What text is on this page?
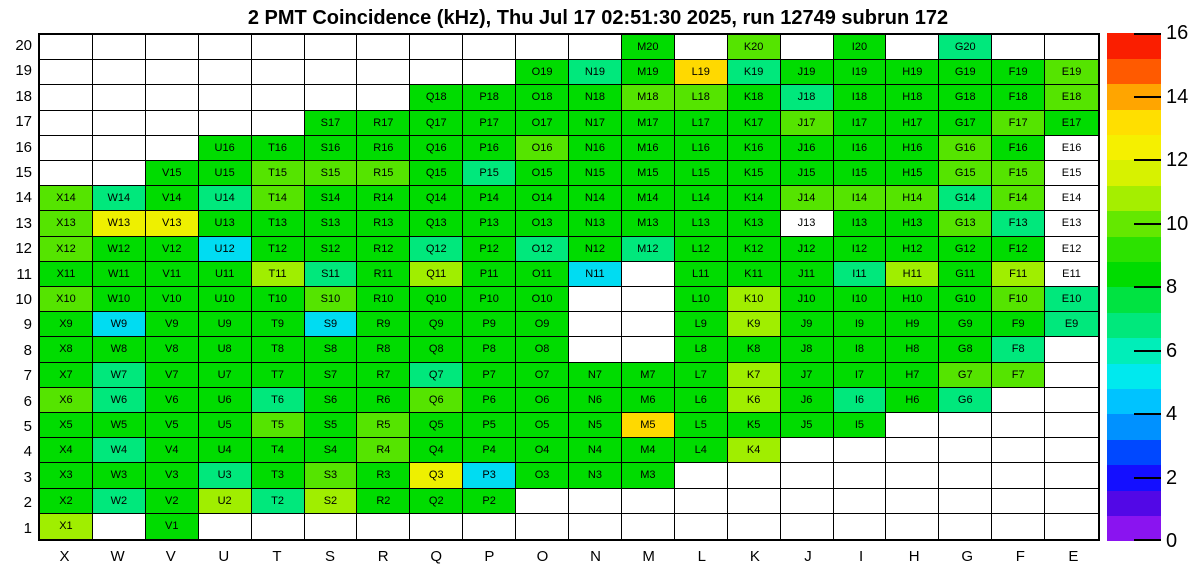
2 PMT Coincidence (kHz), Thu Jul 17 02:51:30 2025, run 12749 subrun 172
M20	K20	I20	G20
O19	N19	M19	L19	K19	J19	I19	H19	G19	F19	E19
Q18	P18	O18	N18	M18	L18	K18	J18	I18	H18	G18	F18	E18
S17	R17	Q17	P17	O17	N17	M17	L17	K17	J17	I17	H17	G17	F17	E17
U16	T16	S16	R16	Q16	P16	O16	N16	M16	L16	K16	J16	I16	H16	G16	F16	E16
V15	U15	T15	S15	R15	Q15	P15	O15	N15	M15	L15	K15	J15	I15	H15	G15	F15	E15
X14	W14	V14	U14	T14	S14	R14	Q14	P14	O14	N14	M14	L14	K14	J14	I14	H14	G14	F14	E14
X13	W13	V13	U13	T13	S13	R13	Q13	P13	O13	N13	M13	L13	K13	J13	I13	H13	G13	F13	E13
X12	W12	V12	U12	T12	S12	R12	Q12	P12	O12	N12	M12	L12	K12	J12	I12	H12	G12	F12	E12
X11	W11	V11	U11	T11	S11	R11	Q11	P11	O11	N11	L11	K11	J11	I11	H11	G11	F11	E11
X10	W10	V10	U10	T10	S10	R10	Q10	P10	O10	L10	K10	J10	I10	H10	G10	F10	E10
X9	W9	V9	U9	T9	S9	R9	Q9	P9	O9	L9	K9	J9	I9	H9	G9	F9	E9
X8	W8	V8	U8	T8	S8	R8	Q8	P8	O8	L8	K8	J8	I8	H8	G8	F8
X7	W7	V7	U7	T7	S7	R7	Q7	P7	O7	N7	M7	L7	K7	J7	I7	H7	G7	F7
X6	W6	V6	U6	T6	S6	R6	Q6	P6	O6	N6	M6	L6	K6	J6	I6	H6	G6
X5	W5	V5	U5	T5	S5	R5	Q5	P5	O5	N5	M5	L5	K5	J5	I5
X4	W4	V4	U4	T4	S4	R4	Q4	P4	O4	N4	M4	L4	K4
X3	W3	V3	U3	T3	S3	R3	Q3	P3	O3	N3	M3
X2	W2	V2	U2	T2	S2	R2	Q2	P2
X1	V1
X	W	V	U	T	S	R	Q	P	O	N	M	L	K	J	I	H	G	F	E
20
19
18
17
16
15
14
13
12
11
10
9
8
7
6
5
4
3
2
1
16
14
12
10
8
6
4
2
0
